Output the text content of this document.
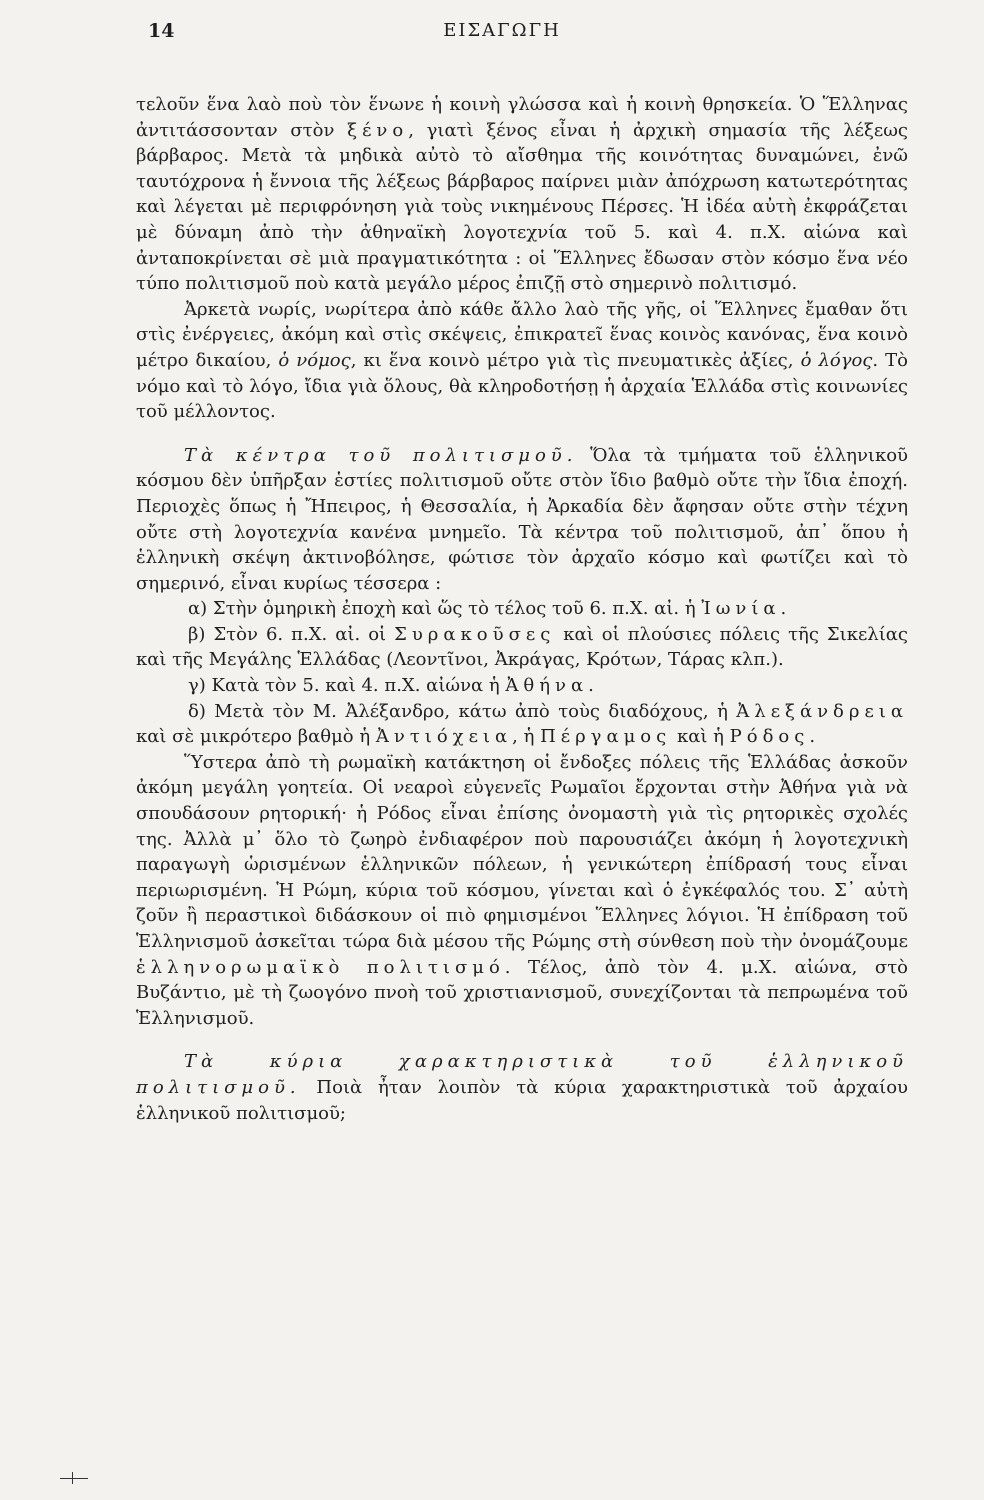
14	ΕΙΣΑΓΩΓΗ

τελοῦν ἕνα λαὸ ποὺ τὸν ἕνωνε ἡ κοινὴ γλώσσα καὶ ἡ κοινὴ θρησκεία. Ὁ Ἕλληνας ἀντιτάσσονταν στὸν ξένο, γιατὶ ξένος εἶναι ἡ ἀρχικὴ σημασία τῆς λέξεως βάρβαρος. Μετὰ τὰ μηδικὰ αὐτὸ τὸ αἴσθημα τῆς κοινότητας δυναμώνει, ἐνῶ ταυτόχρονα ἡ ἔννοια τῆς λέξεως βάρβαρος παίρνει μιὰν ἀπόχρωση κατωτερότητας καὶ λέγεται μὲ περιφρόνηση γιὰ τοὺς νικημένους Πέρσες. Ἡ ἰδέα αὐτὴ ἐκφράζεται μὲ δύναμη ἀπὸ τὴν ἀθηναϊκὴ λογοτεχνία τοῦ 5. καὶ 4. π.Χ. αἰώνα καὶ ἀνταποκρίνεται σὲ μιὰ πραγματικότητα : οἱ Ἕλληνες ἔδωσαν στὸν κόσμο ἕνα νέο τύπο πολιτισμοῦ ποὺ κατὰ μεγάλο μέρος ἐπιζῇ στὸ σημερινὸ πολιτισμό.

Ἀρκετὰ νωρίς, νωρίτερα ἀπὸ κάθε ἄλλο λαὸ τῆς γῆς, οἱ Ἕλληνες ἔμαθαν ὅτι στὶς ἐνέργειες, ἀκόμη καὶ στὶς σκέψεις, ἐπικρατεῖ ἕνας κοινὸς κανόνας, ἕνα κοινὸ μέτρο δικαίου, ὁ νόμος, κι ἕνα κοινὸ μέτρο γιὰ τὶς πνευματικὲς ἀξίες, ὁ λόγος. Τὸ νόμο καὶ τὸ λόγο, ἴδια γιὰ ὅλους, θὰ κληροδοτήσῃ ἡ ἀρχαία Ἑλλάδα στὶς κοινωνίες τοῦ μέλλοντος.

Τὰ κέντρα τοῦ πολιτισμοῦ. Ὅλα τὰ τμήματα τοῦ ἑλληνικοῦ κόσμου δὲν ὑπῆρξαν ἑστίες πολιτισμοῦ οὔτε στὸν ἴδιο βαθμὸ οὔτε τὴν ἴδια ἐποχή. Περιοχὲς ὅπως ἡ Ἤπειρος, ἡ Θεσσαλία, ἡ Ἀρκαδία δὲν ἄφησαν οὔτε στὴν τέχνη οὔτε στὴ λογοτεχνία κανένα μνημεῖο. Τὰ κέντρα τοῦ πολιτισμοῦ, ἀπ᾽ ὅπου ἡ ἑλληνικὴ σκέψη ἀκτινοβόλησε, φώτισε τὸν ἀρχαῖο κόσμο καὶ φωτίζει καὶ τὸ σημερινό, εἶναι κυρίως τέσσερα :

α) Στὴν ὁμηρικὴ ἐποχὴ καὶ ὥς τὸ τέλος τοῦ 6. π.Χ. αἰ. ἡ Ἰωνία.

β) Στὸν 6. π.Χ. αἰ. οἱ Συρακοῦσες καὶ οἱ πλούσιες πόλεις τῆς Σικελίας καὶ τῆς Μεγάλης Ἑλλάδας (Λεοντῖνοι, Ἀκράγας, Κρότων, Τάρας κλπ.).

γ) Κατὰ τὸν 5. καὶ 4. π.Χ. αἰώνα ἡ Ἀθήνα.

δ) Μετὰ τὸν Μ. Ἀλέξανδρο, κάτω ἀπὸ τοὺς διαδόχους, ἡ Ἀλεξάνδρεια καὶ σὲ μικρότερο βαθμὸ ἡ Ἀντιόχεια, ἡ Πέργαμος καὶ ἡ Ρόδος.

Ὕστερα ἀπὸ τὴ ρωμαϊκὴ κατάκτηση οἱ ἔνδοξες πόλεις τῆς Ἑλλάδας ἀσκοῦν ἀκόμη μεγάλη γοητεία. Οἱ νεαροὶ εὐγενεῖς Ρωμαῖοι ἔρχονται στὴν Ἀθήνα γιὰ νὰ σπουδάσουν ρητορική· ἡ Ρόδος εἶναι ἐπίσης ὀνομαστὴ γιὰ τὶς ρητορικὲς σχολές της. Ἀλλὰ μ᾽ ὅλο τὸ ζωηρὸ ἐνδιαφέρον ποὺ παρουσιάζει ἀκόμη ἡ λογοτεχνικὴ παραγωγὴ ὡρισμένων ἑλληνικῶν πόλεων, ἡ γενικώτερη ἐπίδρασή τους εἶναι περιωρισμένη. Ἡ Ρώμη, κύρια τοῦ κόσμου, γίνεται καὶ ὁ ἐγκέφαλός του. Σ᾽ αὐτὴ ζοῦν ἢ περαστικοὶ διδάσκουν οἱ πιὸ φημισμένοι Ἕλληνες λόγιοι. Ἡ ἐπίδραση τοῦ Ἑλληνισμοῦ ἀσκεῖται τώρα διὰ μέσου τῆς Ρώμης στὴ σύνθεση ποὺ τὴν ὀνομάζουμε ἑλληνορωμαϊκὸ πολιτισμό. Τέλος, ἀπὸ τὸν 4. μ.Χ. αἰώνα, στὸ Βυζάντιο, μὲ τὴ ζωογόνο πνοὴ τοῦ χριστιανισμοῦ, συνεχίζονται τὰ πεπρωμένα τοῦ Ἑλληνισμοῦ.

Τὰ κύρια χαρακτηριστικὰ τοῦ ἑλληνικοῦ πολιτισμοῦ. Ποιὰ ἦταν λοιπὸν τὰ κύρια χαρακτηριστικὰ τοῦ ἀρχαίου ἑλληνικοῦ πολιτισμοῦ;
